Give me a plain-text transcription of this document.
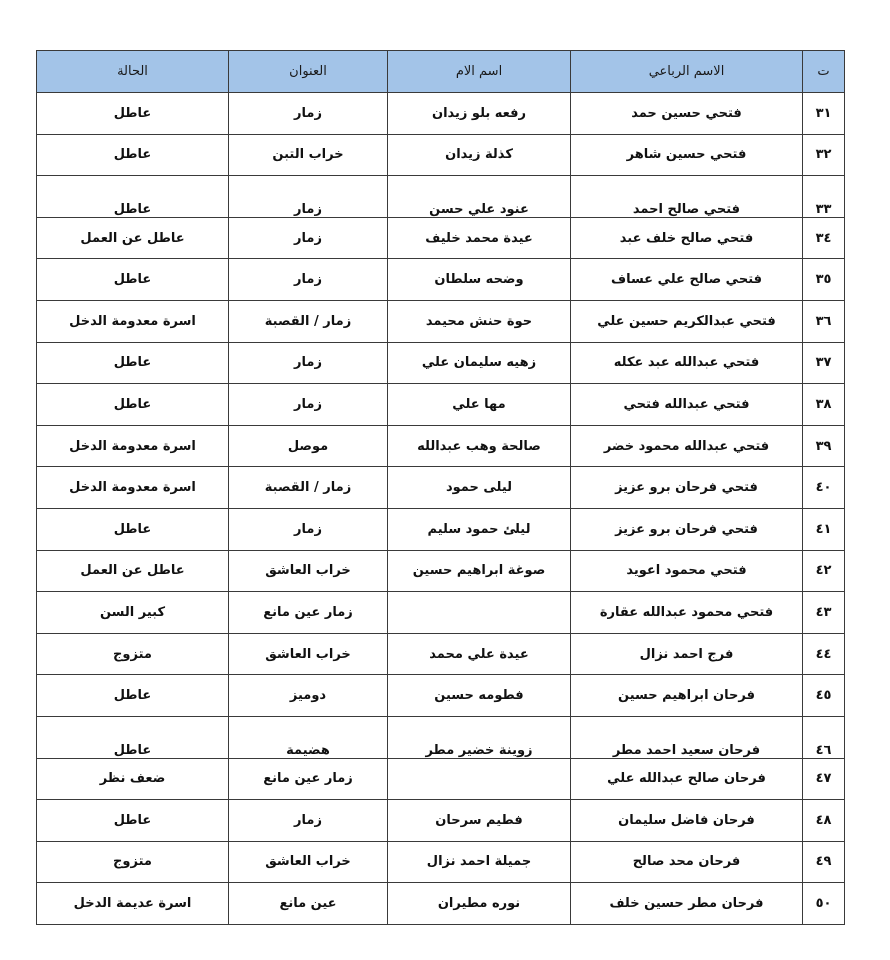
ت	الاسم الرباعي	اسم الام	العنوان	الحالة
٣١	فتحي حسين حمد	رفعه بلو زيدان	زمار	عاطل
٣٢	فتحي حسين شاهر	كذلة زيدان	خراب التبن	عاطل
٣٣	فتحي صالح احمد	عنود علي حسن	زمار	عاطل
٣٤	فتحي صالح خلف عبد	عيدة محمد خليف	زمار	عاطل عن العمل
٣٥	فتحي صالح علي عساف	وضحه سلطان	زمار	عاطل
٣٦	فتحي عبدالكريم حسين علي	حوة حنش محيمد	زمار / القصبة	اسرة معدومة الدخل
٣٧	فتحي عبدالله عبد عكله	زهيه سليمان علي	زمار	عاطل
٣٨	فتحي عبدالله فتحي	مها علي	زمار	عاطل
٣٩	فتحي عبدالله محمود خضر	صالحة وهب عبدالله	موصل	اسرة معدومة الدخل
٤٠	فتحي فرحان برو عزيز	ليلى حمود	زمار / القصبة	اسرة معدومة الدخل
٤١	فتحي فرحان برو عزيز	ليلئ حمود سليم	زمار	عاطل
٤٢	فتحي محمود اعويد	صوغة ابراهيم حسين	خراب العاشق	عاطل عن العمل
٤٣	فتحي محمود عبدالله عقارة		زمار عين مانع	كبير السن
٤٤	فرج احمد نزال	عيدة علي محمد	خراب العاشق	متزوج
٤٥	فرحان ابراهيم حسين	فطومه حسين	دوميز	عاطل
٤٦	فرحان سعيد احمد مطر	زوينة خضير مطر	هضيمة	عاطل
٤٧	فرحان صالح عبدالله علي		زمار عين مانع	ضعف نظر
٤٨	فرحان فاضل سليمان	فطيم سرحان	زمار	عاطل
٤٩	فرحان محد صالح	جميلة احمد نزال	خراب العاشق	متزوج
٥٠	فرحان مطر حسين خلف	نوره مطيران	عين مانع	اسرة عديمة الدخل
